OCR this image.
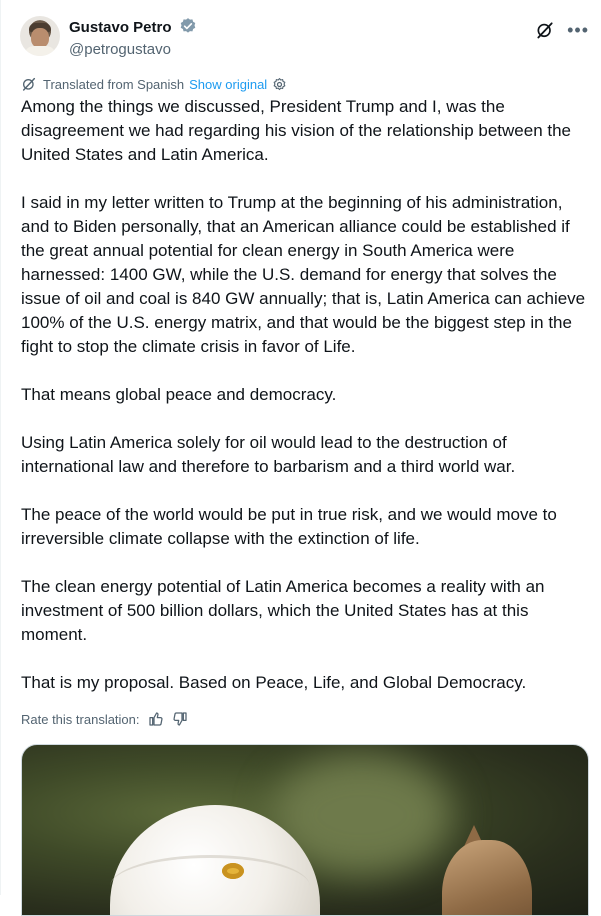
Gustavo Petro
@petrogustavo
•••
Translated from Spanish Show original

Among the things we discussed, President Trump and I, was the disagreement we had regarding his vision of the relationship between the United States and Latin America.

I said in my letter written to Trump at the beginning of his administration, and to Biden personally, that an American alliance could be established if the great annual potential for clean energy in South America were harnessed: 1400 GW, while the U.S. demand for energy that solves the issue of oil and coal is 840 GW annually; that is, Latin America can achieve 100% of the U.S. energy matrix, and that would be the biggest step in the fight to stop the climate crisis in favor of Life.

That means global peace and democracy.

Using Latin America solely for oil would lead to the destruction of international law and therefore to barbarism and a third world war.

The peace of the world would be put in true risk, and we would move to irreversible climate collapse with the extinction of life.

The clean energy potential of Latin America becomes a reality with an investment of 500 billion dollars, which the United States has at this moment.

That is my proposal. Based on Peace, Life, and Global Democracy.

Rate this translation:
